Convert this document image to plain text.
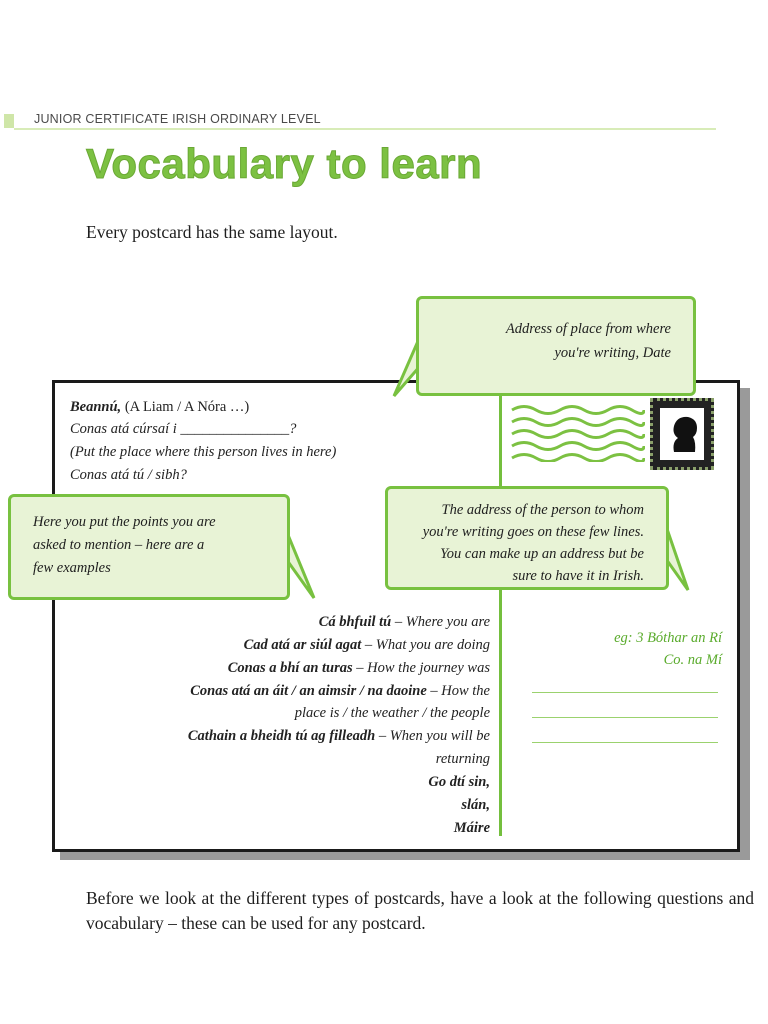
JUNIOR CERTIFICATE IRISH ORDINARY LEVEL
Vocabulary to learn
Every postcard has the same layout.
Beannú, (A Liam / A Nóra …)
Conas atá cúrsaí i _______________?
(Put the place where this person lives in here)
Conas atá tú / sibh?
Address of place from where
you're writing, Date
Here you put the points you are
asked to mention – here are a
few examples
The address of the person to whom
you're writing goes on these few lines.
You can make up an address but be
sure to have it in Irish.
Cá bhfuil tú – Where you are
Cad atá ar siúl agat – What you are doing
Conas a bhí an turas – How the journey was
Conas atá an áit / an aimsir / na daoine – How the
place is / the weather / the people
Cathain a bheidh tú ag filleadh – When you will be
returning
Go dtí sin,
slán,
Máire
eg: 3 Bóthar an Rí
Co. na Mí
Before we look at the different types of postcards, have a look at the following questions and vocabulary – these can be used for any postcard.
